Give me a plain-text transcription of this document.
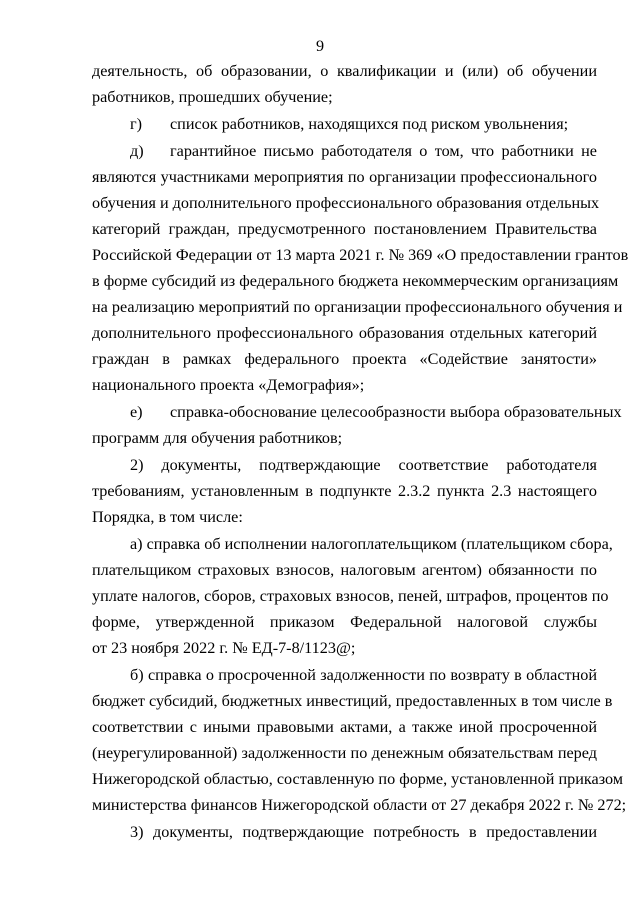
9
деятельность, об образовании, о квалификации и (или) об обучении
работников, прошедших обучение;
г) список работников, находящихся под риском увольнения;
д) гарантийное письмо работодателя о том, что работники не
являются участниками мероприятия по организации профессионального
обучения и дополнительного профессионального образования отдельных
категорий граждан, предусмотренного постановлением Правительства
Российской Федерации от 13 марта 2021 г. № 369 «О предоставлении грантов
в форме субсидий из федерального бюджета некоммерческим организациям
на реализацию мероприятий по организации профессионального обучения и
дополнительного профессионального образования отдельных категорий
граждан в рамках федерального проекта «Содействие занятости»
национального проекта «Демография»;
е) справка-обоснование целесообразности выбора образовательных
программ для обучения работников;
2) документы, подтверждающие соответствие работодателя
требованиям, установленным в подпункте 2.3.2 пункта 2.3 настоящего
Порядка, в том числе:
а) справка об исполнении налогоплательщиком (плательщиком сбора,
плательщиком страховых взносов, налоговым агентом) обязанности по
уплате налогов, сборов, страховых взносов, пеней, штрафов, процентов по
форме, утвержденной приказом Федеральной налоговой службы
от 23 ноября 2022 г. № ЕД-7-8/1123@;
б) справка о просроченной задолженности по возврату в областной
бюджет субсидий, бюджетных инвестиций, предоставленных в том числе в
соответствии с иными правовыми актами, а также иной просроченной
(неурегулированной) задолженности по денежным обязательствам перед
Нижегородской областью, составленную по форме, установленной приказом
министерства финансов Нижегородской области от 27 декабря 2022 г. № 272;
3) документы, подтверждающие потребность в предоставлении
